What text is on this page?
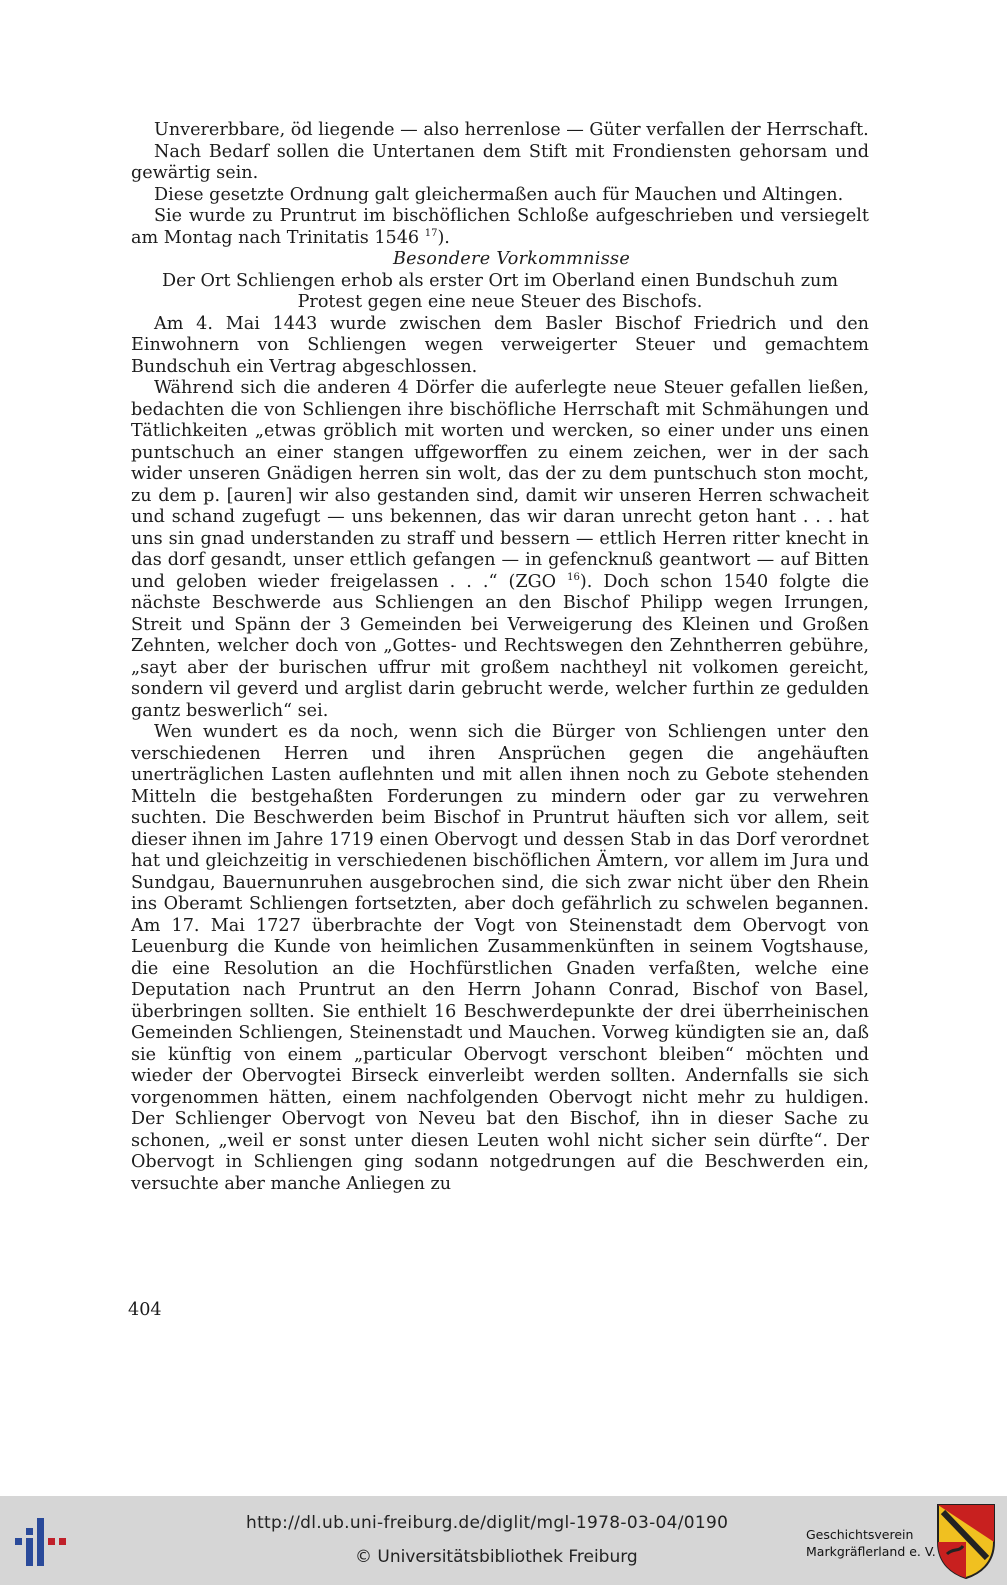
Unvererbbare, öd liegende — also herrenlose — Güter verfallen der Herrschaft.

Nach Bedarf sollen die Untertanen dem Stift mit Frondiensten gehorsam und gewärtig sein.

Diese gesetzte Ordnung galt gleichermaßen auch für Mauchen und Altingen.

Sie wurde zu Pruntrut im bischöflichen Schloße aufgeschrieben und versiegelt am Montag nach Trinitatis 1546 $^{17}$).

Besondere Vorkommnisse

Der Ort Schliengen erhob als erster Ort im Oberland einen Bundschuh zum Protest gegen eine neue Steuer des Bischofs.

Am 4. Mai 1443 wurde zwischen dem Basler Bischof Friedrich und den Einwohnern von Schliengen wegen verweigerter Steuer und gemachtem Bundschuh ein Vertrag abgeschlossen.

Während sich die anderen 4 Dörfer die auferlegte neue Steuer gefallen ließen, bedachten die von Schliengen ihre bischöfliche Herrschaft mit Schmähungen und Tätlichkeiten „etwas gröblich mit worten und wercken, so einer under uns einen puntschuch an einer stangen uffgeworffen zu einem zeichen, wer in der sach wider unseren Gnädigen herren sin wolt, das der zu dem puntschuch ston mocht, zu dem p. [auren] wir also gestanden sind, damit wir unseren Herren schwacheit und schand zugefugt — uns bekennen, das wir daran unrecht geton hant . . . hat uns sin gnad understanden zu straff und bessern — ettlich Herren ritter knecht in das dorf gesandt, unser ettlich gefangen — in gefencknuß geantwort — auf Bitten und geloben wieder freigelassen . . .“ (ZGO $^{16}$). Doch schon 1540 folgte die nächste Beschwerde aus Schliengen an den Bischof Philipp wegen Irrungen, Streit und Spänn der 3 Gemeinden bei Verweigerung des Kleinen und Großen Zehnten, welcher doch von „Gottes- und Rechtswegen den Zehntherren gebühre, „sayt aber der burischen uffrur mit großem nachtheyl nit volkomen gereicht, sondern vil geverd und arglist darin gebrucht werde, welcher furthin ze gedulden gantz beswerlich“ sei.

Wen wundert es da noch, wenn sich die Bürger von Schliengen unter den verschiedenen Herren und ihren Ansprüchen gegen die angehäuften unerträglichen Lasten auflehnten und mit allen ihnen noch zu Gebote stehenden Mitteln die bestgehaßten Forderungen zu mindern oder gar zu verwehren suchten. Die Beschwerden beim Bischof in Pruntrut häuften sich vor allem, seit dieser ihnen im Jahre 1719 einen Obervogt und dessen Stab in das Dorf verordnet hat und gleichzeitig in verschiedenen bischöflichen Ämtern, vor allem im Jura und Sundgau, Bauernunruhen ausgebrochen sind, die sich zwar nicht über den Rhein ins Oberamt Schliengen fortsetzten, aber doch gefährlich zu schwelen begannen. Am 17. Mai 1727 überbrachte der Vogt von Steinenstadt dem Obervogt von Leuenburg die Kunde von heimlichen Zusammenkünften in seinem Vogtshause, die eine Resolution an die Hochfürstlichen Gnaden verfaßten, welche eine Deputation nach Pruntrut an den Herrn Johann Conrad, Bischof von Basel, überbringen sollten. Sie enthielt 16 Beschwerdepunkte der drei überrheinischen Gemeinden Schliengen, Steinenstadt und Mauchen. Vorweg kündigten sie an, daß sie künftig von einem „particular Obervogt verschont bleiben“ möchten und wieder der Obervogtei Birseck einverleibt werden sollten. Andernfalls sie sich vorgenommen hätten, einem nachfolgenden Obervogt nicht mehr zu huldigen. Der Schlienger Obervogt von Neveu bat den Bischof, ihn in dieser Sache zu schonen, „weil er sonst unter diesen Leuten wohl nicht sicher sein dürfte“. Der Obervogt in Schliengen ging sodann notgedrungen auf die Beschwerden ein, versuchte aber manche Anliegen zu

404
http://dl.ub.uni-freiburg.de/diglit/mgl-1978-03-04/0190
© Universitätsbibliothek Freiburg
Geschichtsverein
Markgräflerland e. V.
